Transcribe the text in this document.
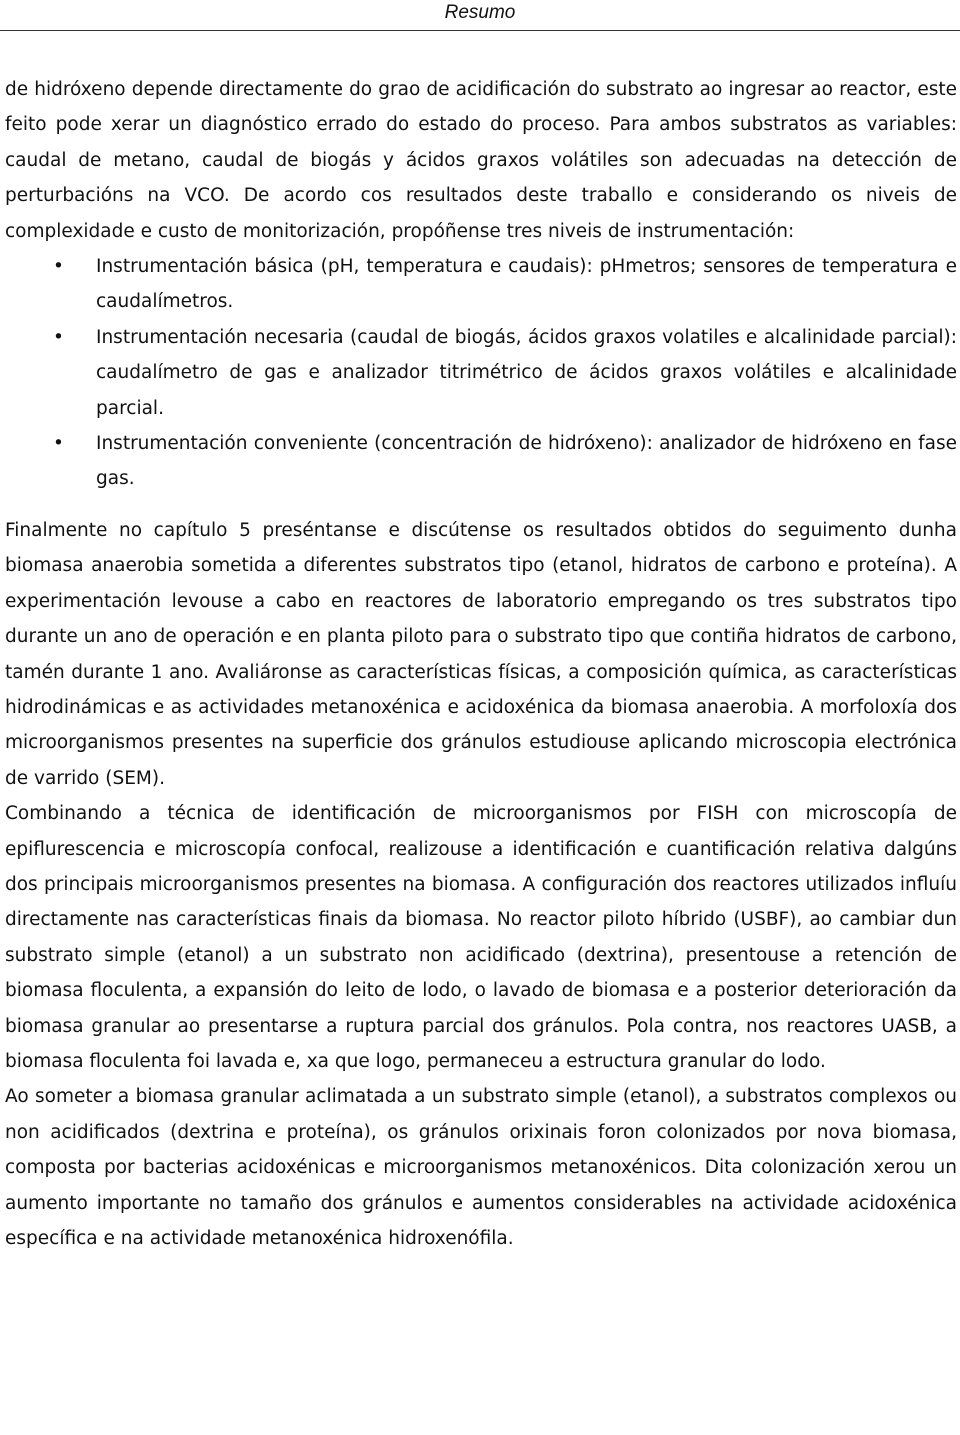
Resumo

de hidróxeno depende directamente do grao de acidificación do substrato ao ingresar ao reactor, este feito pode xerar un diagnóstico errado do estado do proceso. Para ambos substratos as variables: caudal de metano, caudal de biogás y ácidos graxos volátiles son adecuadas na detección de perturbacións na VCO. De acordo cos resultados deste traballo e considerando os niveis de complexidade e custo de monitorización, propóñense tres niveis de instrumentación:

• Instrumentación básica (pH, temperatura e caudais): pHmetros; sensores de temperatura e caudalímetros.
• Instrumentación necesaria (caudal de biogás, ácidos graxos volatiles e alcalinidade parcial): caudalímetro de gas e analizador titrimétrico de ácidos graxos volátiles e alcalinidade parcial.
• Instrumentación conveniente (concentración de hidróxeno): analizador de hidróxeno en fase gas.

Finalmente no capítulo 5 preséntanse e discútense os resultados obtidos do seguimento dunha biomasa anaerobia sometida a diferentes substratos tipo (etanol, hidratos de carbono e proteína). A experimentación levouse a cabo en reactores de laboratorio empregando os tres substratos tipo durante un ano de operación e en planta piloto para o substrato tipo que contiña hidratos de carbono, tamén durante 1 ano. Avaliáronse as características físicas, a composición química, as características hidrodinámicas e as actividades metanoxénica e acidoxénica da biomasa anaerobia. A morfoloxía dos microorganismos presentes na superficie dos gránulos estudiouse aplicando microscopia electrónica de varrido (SEM).

Combinando a técnica de identificación de microorganismos por FISH con microscopía de epiflurescencia e microscopía confocal, realizouse a identificación e cuantificación relativa dalgúns dos principais microorganismos presentes na biomasa. A configuración dos reactores utilizados influíu directamente nas características finais da biomasa. No reactor piloto híbrido (USBF), ao cambiar dun substrato simple (etanol) a un substrato non acidificado (dextrina), presentouse a retención de biomasa floculenta, a expansión do leito de lodo, o lavado de biomasa e a posterior deterioración da biomasa granular ao presentarse a ruptura parcial dos gránulos. Pola contra, nos reactores UASB, a biomasa floculenta foi lavada e, xa que logo, permaneceu a estructura granular do lodo.

Ao someter a biomasa granular aclimatada a un substrato simple (etanol), a substratos complexos ou non acidificados (dextrina e proteína), os gránulos orixinais foron colonizados por nova biomasa, composta por bacterias acidoxénicas e microorganismos metanoxénicos. Dita colonización xerou un aumento importante no tamaño dos gránulos e aumentos considerables na actividade acidoxénica específica e na actividade metanoxénica hidroxenófila.
